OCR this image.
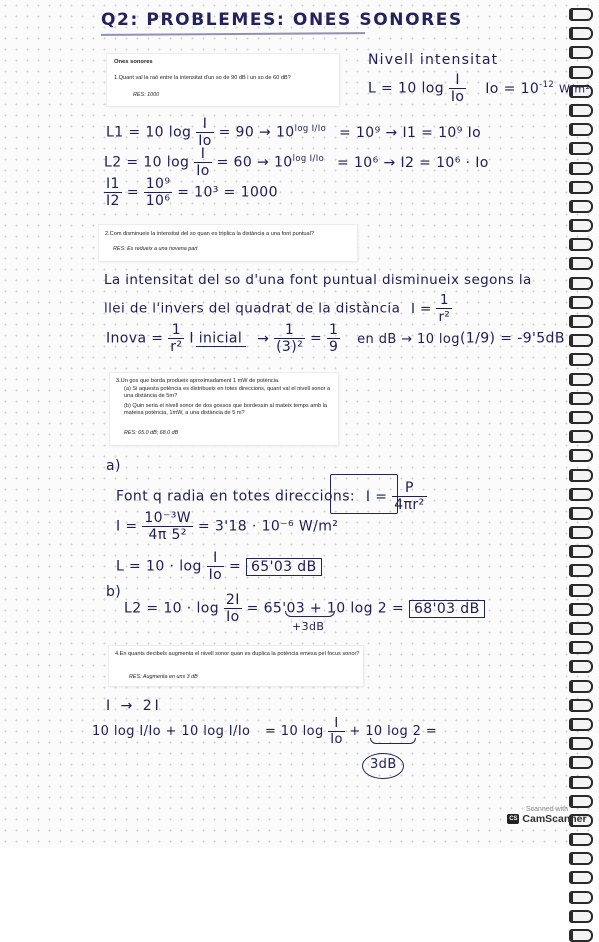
Q2: PROBLEMES: ONES SONORES
Ones sonores
1.Quant val la raó entre la intensitat d'un so de 90 dB i un so de 60 dB?
RES: 1000
Nivell intensitat
L = 10 $\log \frac{I}{Io}$ $Io = 10^{-12}$ W/m²
L1 = 10 $\log \frac{I}{Io} = 90 \to 10^{log I/Io} = 10^9 \to I1 = 10^9$ Io
L2 = 10 $\log \frac{I}{Io} = 60 \to 10^{log I/Io} = 10^6 \to I2 = 10^6 \cdot Io$
$\frac{I1}{I2} = \frac{\text{10⁹}}{\text{10⁶}} = 10^3 = 1000$
2.Com disminueix la intensitat del so quan es triplica la distància a una font puntual?
RES: Es redueix a una novena part
La intensitat del so d'una font puntual disminueix segons la
llei de l'invers del quadrat de la distància $I = \frac{1}{\text{r²}}$
Inova = $\frac{1}{\text{r²}}$ I inicial → $\frac{1}{\text{(3)²}} = \frac{1}{9}$ en dB → 10 log(1/9) = -9'5dB
3.Un gos que borda produeix aproximadament 1 mW de potència.
(a) Si aquesta potència es distribueix en totes direccions, quant val el nivell sonor a una distància de 5m?
(b) Quin seria el nivell sonor de dos gossos que bordessin al mateix temps amb la mateixa potència, 1mW, a una distància de 5 m?
RES: 65.0 dB; 68.0 dB
a)
Font q radia en totes direccions: $I = \frac{P}{\text{4πr²}}$
$I = \frac{\text{10⁻³W}}{\text{4π 5²}} = 3'18 \cdot 10^{-6}$ W/m²
$L = 10 \cdot \log \frac{I}{Io} = 65'03$ dB
b)
$L2 = 10 \cdot \log \frac{2I}{Io} = 65'03 + 10$ log 2 = 68'03 dB
+3dB
4.En quants decibels augmenta el nivell sonor quan es duplica la potència emesa pel focus sonor?
RES: Augmenta en uns 3 dB
I → 2I
10 log I/Io + 10 log I/Io = 10 $\log \frac{I}{Io} + 10$ log 2 =
3dB
Scanned with
CS CamScanner
